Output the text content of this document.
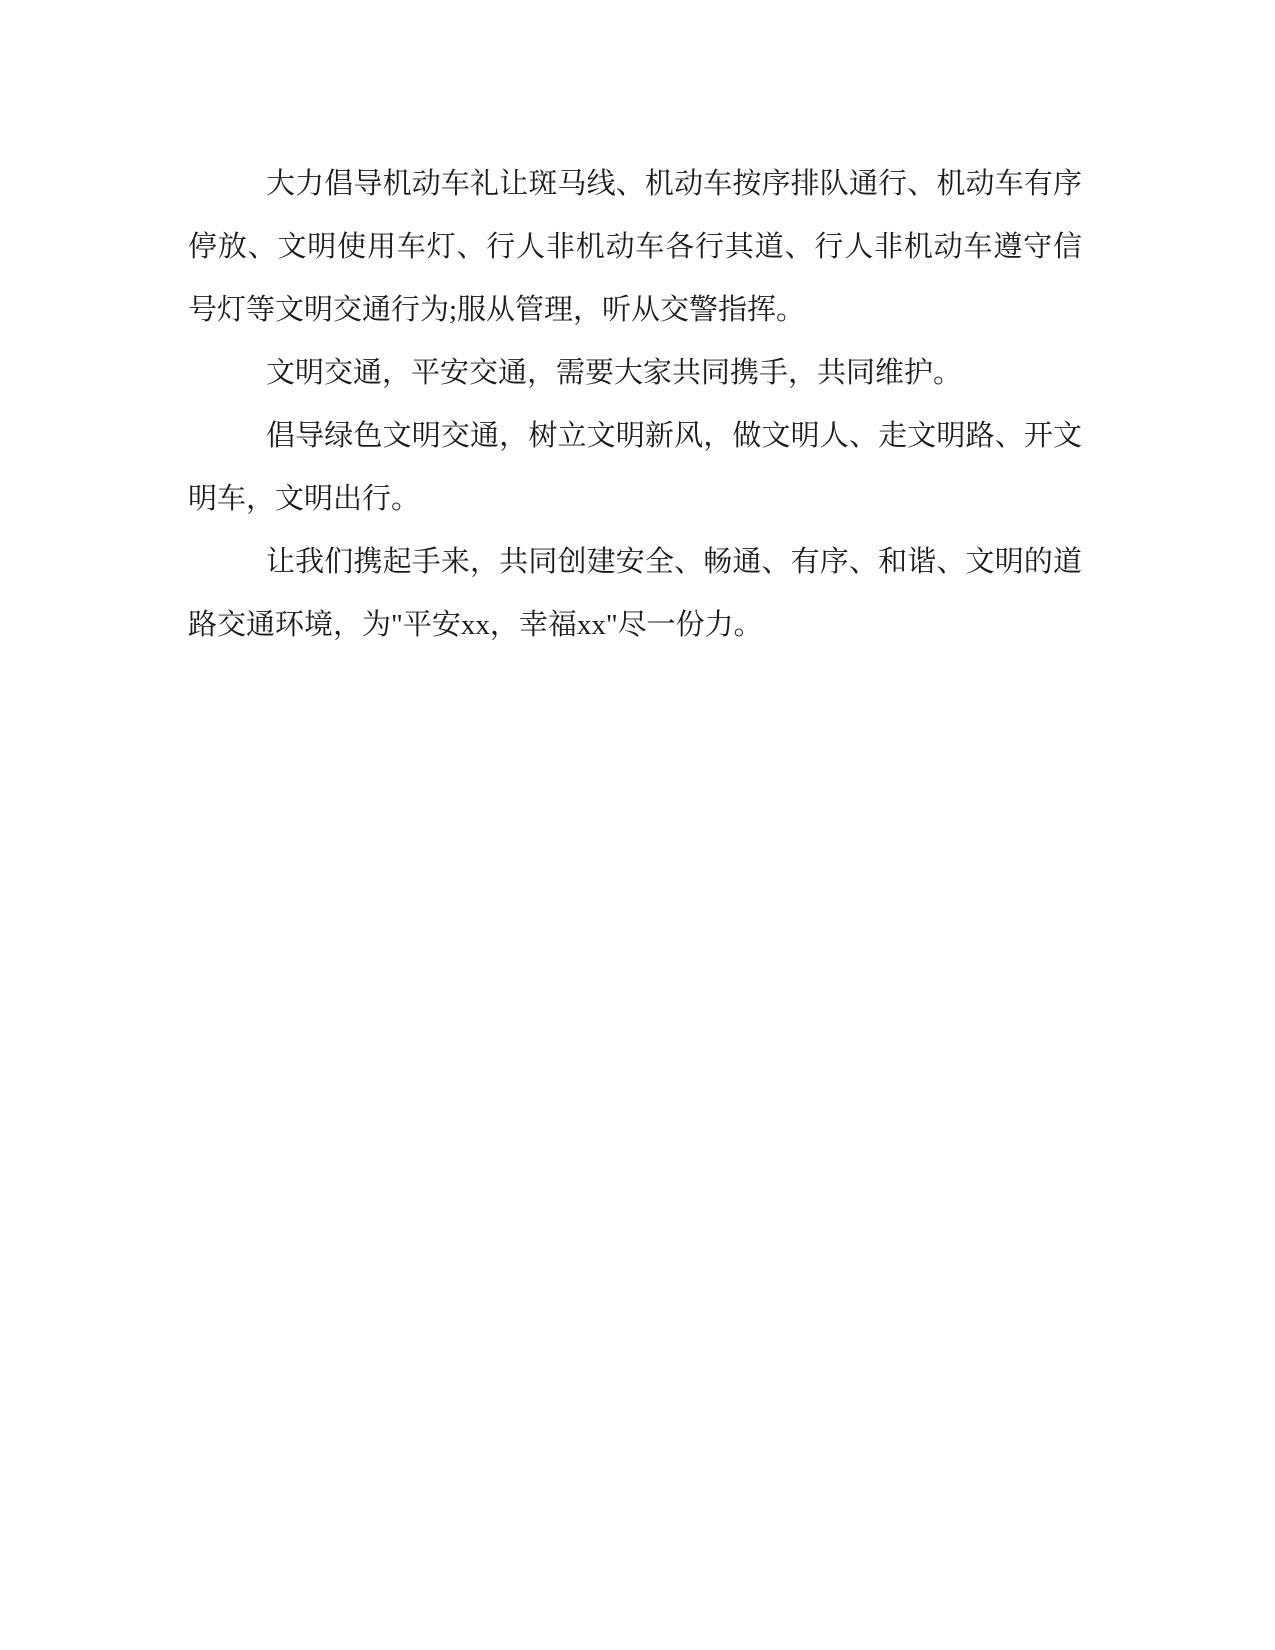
大力倡导机动车礼让斑马线、机动车按序排队通行、机动车有序停放、文明使用车灯、行人非机动车各行其道、行人非机动车遵守信号灯等文明交通行为;服从管理，听从交警指挥。

文明交通，平安交通，需要大家共同携手，共同维护。

倡导绿色文明交通，树立文明新风，做文明人、走文明路、开文明车，文明出行。

让我们携起手来，共同创建安全、畅通、有序、和谐、文明的道路交通环境，为"平安xx，幸福xx"尽一份力。
